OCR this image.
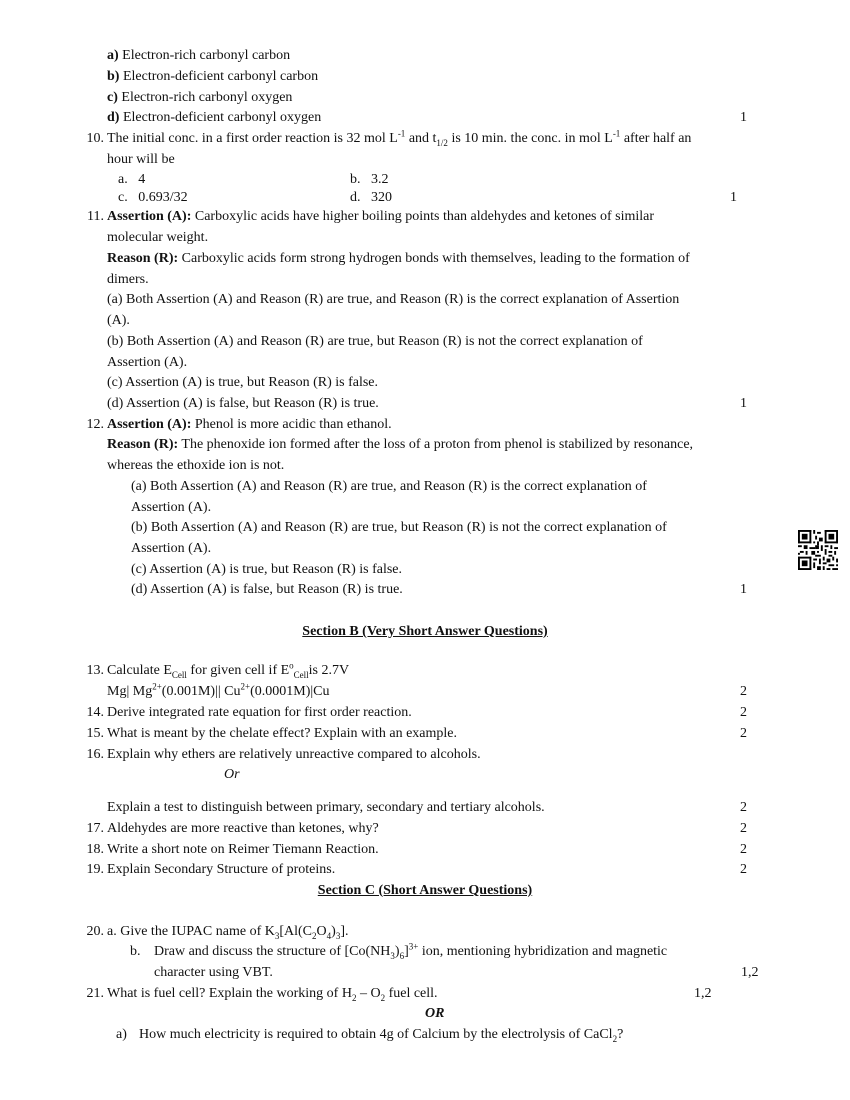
a) Electron-rich carbonyl carbon
b) Electron-deficient carbonyl carbon
c) Electron-rich carbonyl oxygen
d) Electron-deficient carbonyl oxygen	1
10. The initial conc. in a first order reaction is 32 mol $L^{-1}$ and $t_{1/2}$ is 10 min. the conc. in mol $L^{-1}$ after half an
hour will be
a. 4	b. 3.2
c. 0.693/32	d. 320	1
11. Assertion (A): Carboxylic acids have higher boiling points than aldehydes and ketones of similar
molecular weight.
Reason (R): Carboxylic acids form strong hydrogen bonds with themselves, leading to the formation of
dimers.
(a) Both Assertion (A) and Reason (R) are true, and Reason (R) is the correct explanation of Assertion
(A).
(b) Both Assertion (A) and Reason (R) are true, but Reason (R) is not the correct explanation of
Assertion (A).
(c) Assertion (A) is true, but Reason (R) is false.
(d) Assertion (A) is false, but Reason (R) is true.	1
12. Assertion (A): Phenol is more acidic than ethanol.
Reason (R): The phenoxide ion formed after the loss of a proton from phenol is stabilized by resonance,
whereas the ethoxide ion is not.
(a) Both Assertion (A) and Reason (R) are true, and Reason (R) is the correct explanation of
Assertion (A).
(b) Both Assertion (A) and Reason (R) are true, but Reason (R) is not the correct explanation of
Assertion (A).
(c) Assertion (A) is true, but Reason (R) is false.
(d) Assertion (A) is false, but Reason (R) is true.	1
Section B (Very Short Answer Questions)
13. Calculate $E_{Cell}$ for given cell if $E^o_{Cell}is$ 2.7V
Mg| $Mg^{2+}(0.001M)||$ $Cu^{2+}(0.0001M)|Cu$	2
14. Derive integrated rate equation for first order reaction.	2
15. What is meant by the chelate effect? Explain with an example.	2
16. Explain why ethers are relatively unreactive compared to alcohols.
Or
Explain a test to distinguish between primary, secondary and tertiary alcohols.	2
17. Aldehydes are more reactive than ketones, why?	2
18. Write a short note on Reimer Tiemann Reaction.	2
19. Explain Secondary Structure of proteins.	2
Section C (Short Answer Questions)
20. a. Give the IUPAC name of $K_3[Al(C_2O_4)_3]$.
b. Draw and discuss the structure of $[Co(NH_3)_6]^{3+}$ ion, mentioning hybridization and magnetic
character using VBT.	1,2
21. What is fuel cell? Explain the working of $H_2 - O_2$ fuel cell.	1,2
OR
a) How much electricity is required to obtain 4g of Calcium by the electrolysis of CaCl$_2$?
